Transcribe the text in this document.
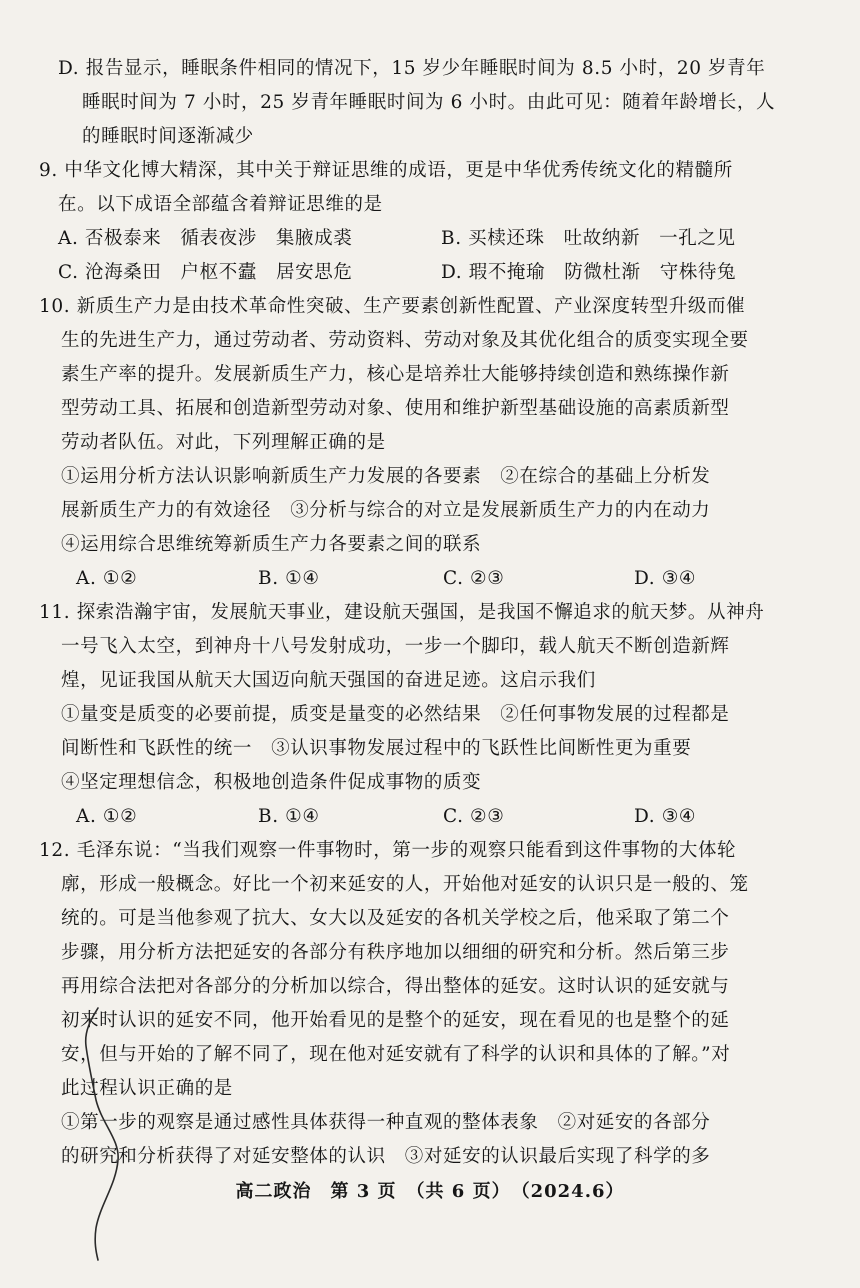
D. 报告显示，睡眠条件相同的情况下，15 岁少年睡眠时间为 8.5 小时，20 岁青年
睡眠时间为 7 小时，25 岁青年睡眠时间为 6 小时。由此可见：随着年龄增长，人
的睡眠时间逐渐减少
9. 中华文化博大精深，其中关于辩证思维的成语，更是中华优秀传统文化的精髓所
在。以下成语全部蕴含着辩证思维的是
A. 否极泰来　循表夜涉　集腋成裘	B. 买椟还珠　吐故纳新　一孔之见
C. 沧海桑田　户枢不蠹　居安思危	D. 瑕不掩瑜　防微杜渐　守株待兔
10. 新质生产力是由技术革命性突破、生产要素创新性配置、产业深度转型升级而催
生的先进生产力，通过劳动者、劳动资料、劳动对象及其优化组合的质变实现全要
素生产率的提升。发展新质生产力，核心是培养壮大能够持续创造和熟练操作新
型劳动工具、拓展和创造新型劳动对象、使用和维护新型基础设施的高素质新型
劳动者队伍。对此，下列理解正确的是
①运用分析方法认识影响新质生产力发展的各要素　②在综合的基础上分析发
展新质生产力的有效途径　③分析与综合的对立是发展新质生产力的内在动力
④运用综合思维统筹新质生产力各要素之间的联系
A. ①②	B. ①④	C. ②③	D. ③④
11. 探索浩瀚宇宙，发展航天事业，建设航天强国，是我国不懈追求的航天梦。从神舟
一号飞入太空，到神舟十八号发射成功，一步一个脚印，载人航天不断创造新辉
煌，见证我国从航天大国迈向航天强国的奋进足迹。这启示我们
①量变是质变的必要前提，质变是量变的必然结果　②任何事物发展的过程都是
间断性和飞跃性的统一　③认识事物发展过程中的飞跃性比间断性更为重要
④坚定理想信念，积极地创造条件促成事物的质变
A. ①②	B. ①④	C. ②③	D. ③④
12. 毛泽东说：“当我们观察一件事物时，第一步的观察只能看到这件事物的大体轮
廓，形成一般概念。好比一个初来延安的人，开始他对延安的认识只是一般的、笼
统的。可是当他参观了抗大、女大以及延安的各机关学校之后，他采取了第二个
步骤，用分析方法把延安的各部分有秩序地加以细细的研究和分析。然后第三步
再用综合法把对各部分的分析加以综合，得出整体的延安。这时认识的延安就与
初来时认识的延安不同，他开始看见的是整个的延安，现在看见的也是整个的延
安，但与开始的了解不同了，现在他对延安就有了科学的认识和具体的了解。”对
此过程认识正确的是
①第一步的观察是通过感性具体获得一种直观的整体表象　②对延安的各部分
的研究和分析获得了对延安整体的认识　③对延安的认识最后实现了科学的多
高二政治　第 3 页　（共 6 页）　（2024.6）
